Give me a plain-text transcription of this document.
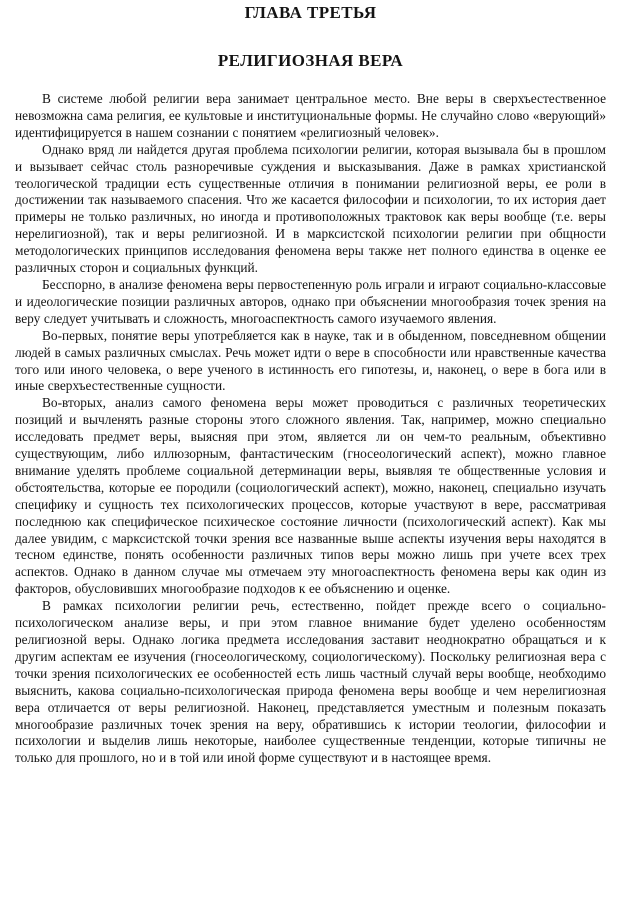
ГЛАВА ТРЕТЬЯ
РЕЛИГИОЗНАЯ ВЕРА

В системе любой религии вера занимает центральное место. Вне веры в сверхъестественное невозможна сама религия, ее культовые и институциональные формы. Не случайно слово «верующий» идентифицируется в нашем сознании с понятием «религиозный человек».

Однако вряд ли найдется другая проблема психологии религии, которая вызывала бы в прошлом и вызывает сейчас столь разноречивые суждения и высказывания. Даже в рамках христианской теологической традиции есть существенные отличия в понимании религиозной веры, ее роли в достижении так называемого спасения. Что же касается философии и психологии, то их история дает примеры не только различных, но иногда и противоположных трактовок как веры вообще (т.е. веры нерелигиозной), так и веры религиозной. И в марксистской психологии религии при общности методологических принципов исследования феномена веры также нет полного единства в оценке ее различных сторон и социальных функций.

Бесспорно, в анализе феномена веры первостепенную роль играли и играют социально-классовые и идеологические позиции различных авторов, однако при объяснении многообразия точек зрения на веру следует учитывать и сложность, многоаспектность самого изучаемого явления.

Во-первых, понятие веры употребляется как в науке, так и в обыденном, повседневном общении людей в самых различных смыслах. Речь может идти о вере в способности или нравственные качества того или иного человека, о вере ученого в истинность его гипотезы, и, наконец, о вере в бога или в иные сверхъестественные сущности.

Во-вторых, анализ самого феномена веры может проводиться с различных теоретических позиций и вычленять разные стороны этого сложного явления. Так, например, можно специально исследовать предмет веры, выясняя при этом, является ли он чем-то реальным, объективно существующим, либо иллюзорным, фантастическим (гносеологический аспект), можно главное внимание уделять проблеме социальной детерминации веры, выявляя те общественные условия и обстоятельства, которые ее породили (социологический аспект), можно, наконец, специально изучать специфику и сущность тех психологических процессов, которые участвуют в вере, рассматривая последнюю как специфическое психическое состояние личности (психологический аспект). Как мы далее увидим, с марксистской точки зрения все названные выше аспекты изучения веры находятся в тесном единстве, понять особенности различных типов веры можно лишь при учете всех трех аспектов. Однако в данном случае мы отмечаем эту многоаспектность феномена веры как один из факторов, обусловивших многообразие подходов к ее объяснению и оценке.

В рамках психологии религии речь, естественно, пойдет прежде всего о социально-психологическом анализе веры, и при этом главное внимание будет уделено особенностям религиозной веры. Однако логика предмета исследования заставит неоднократно обращаться и к другим аспектам ее изучения (гносеологическому, социологическому). Поскольку религиозная вера с точки зрения психологических ее особенностей есть лишь частный случай веры вообще, необходимо выяснить, какова социально-психологическая природа феномена веры вообще и чем нерелигиозная вера отличается от веры религиозной. Наконец, представляется уместным и полезным показать многообразие различных точек зрения на веру, обратившись к истории теологии, философии и психологии и выделив лишь некоторые, наиболее существенные тенденции, которые типичны не только для прошлого, но и в той или иной форме существуют и в настоящее время.
